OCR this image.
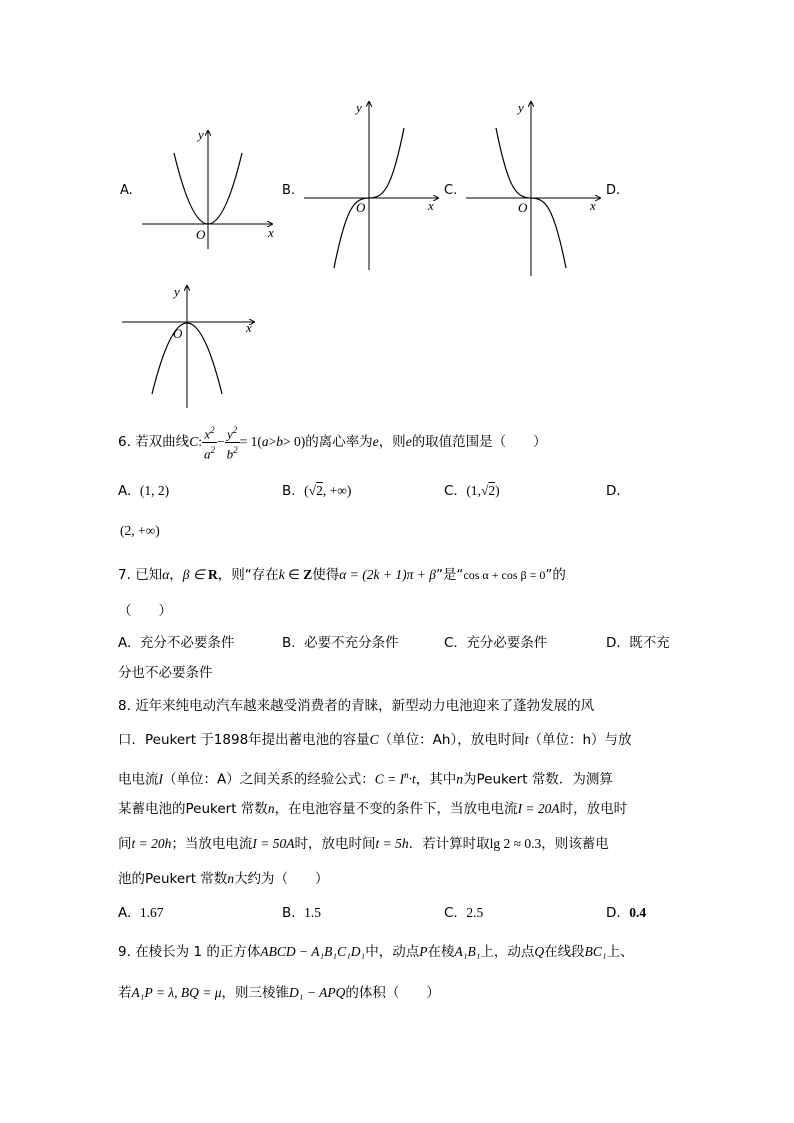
A.	B.	C.	D.
x
y
O
x
y
O	x
y
O
x
y
O
6.
若双曲线 C : $\frac{x^2}{a^2} - \frac{y^2}{b^2} = 1$( a > b > 0) 的离心率为 e ，则 e 的取值范围是（　　）
A. (1, 2)	B. (√2, +∞)	C. (1,√2)	D.
(2, +∞)
7. 已知α，β ∈ R，则“存在k ∈ Z使得α = (2k + 1)π + β”是“cos α + cos β = 0”的
（　　）
A. 充分不必要条件	B. 必要不充分条件	C. 充分必要条件	D. 既不充
分也不必要条件
8. 近年来纯电动汽车越来越受消费者的青睐，新型动力电池迎来了蓬勃发展的风
口．Peukert 于1898年提出蓄电池的容量C（单位：Ah），放电时间t（单位：h）与放
电电流I（单位：A）之间关系的经验公式：$C = I^n\cdot t$，其中n为Peukert 常数．为测算
某蓄电池的Peukert 常数n，在电池容量不变的条件下，当放电电流I = 20A时，放电时
间t = 20h；当放电电流I = 50A时，放电时间t = 5h．若计算时取lg 2 ≈ 0.3，则该蓄电
池的Peukert 常数n大约为（　　）
A. 1.67	B. 1.5	C. 2.5	D. 0.4
9. 在棱长为 1 的正方体ABCD − A₁B₁C₁D₁中，动点P在棱A₁B₁上，动点Q在线段BC₁上、
若A₁P = λ, BQ = μ，则三棱锥D₁ − APQ的体积（　　）
